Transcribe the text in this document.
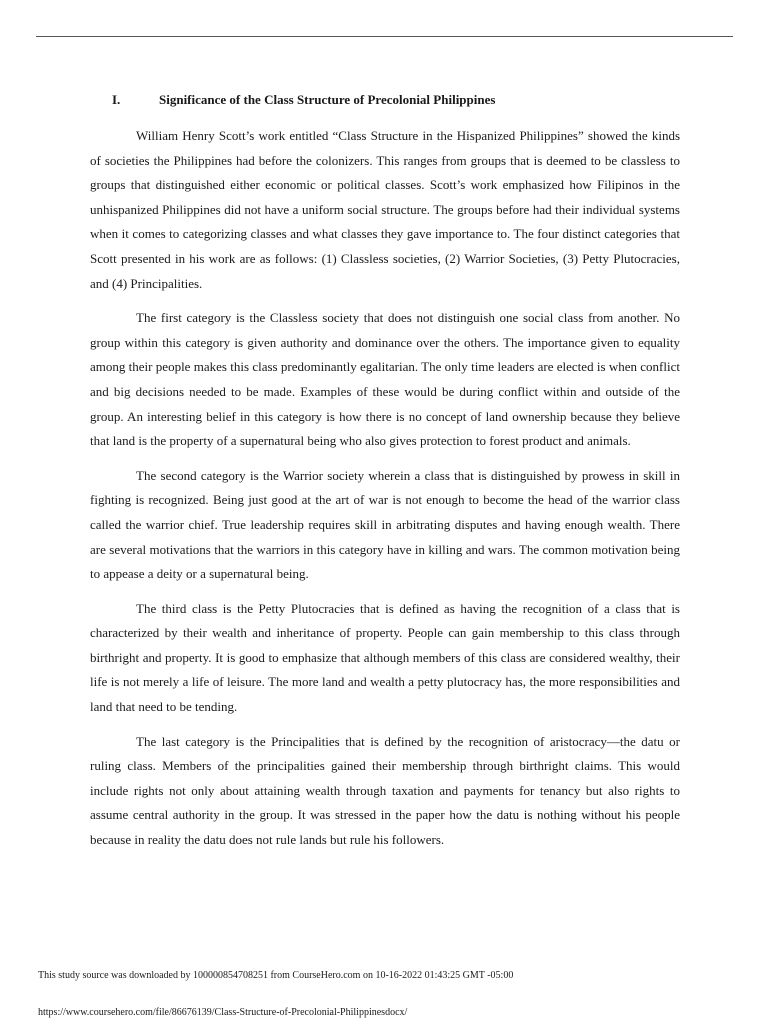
I.	Significance of the Class Structure of Precolonial Philippines

William Henry Scott’s work entitled “Class Structure in the Hispanized Philippines” showed the kinds of societies the Philippines had before the colonizers. This ranges from groups that is deemed to be classless to groups that distinguished either economic or political classes. Scott’s work emphasized how Filipinos in the unhispanized Philippines did not have a uniform social structure. The groups before had their individual systems when it comes to categorizing classes and what classes they gave importance to. The four distinct categories that Scott presented in his work are as follows: (1) Classless societies, (2) Warrior Societies, (3) Petty Plutocracies, and (4) Principalities.

The first category is the Classless society that does not distinguish one social class from another. No group within this category is given authority and dominance over the others. The importance given to equality among their people makes this class predominantly egalitarian. The only time leaders are elected is when conflict and big decisions needed to be made. Examples of these would be during conflict within and outside of the group. An interesting belief in this category is how there is no concept of land ownership because they believe that land is the property of a supernatural being who also gives protection to forest product and animals.

The second category is the Warrior society wherein a class that is distinguished by prowess in skill in fighting is recognized. Being just good at the art of war is not enough to become the head of the warrior class called the warrior chief. True leadership requires skill in arbitrating disputes and having enough wealth. There are several motivations that the warriors in this category have in killing and wars. The common motivation being to appease a deity or a supernatural being.

The third class is the Petty Plutocracies that is defined as having the recognition of a class that is characterized by their wealth and inheritance of property. People can gain membership to this class through birthright and property. It is good to emphasize that although members of this class are considered wealthy, their life is not merely a life of leisure. The more land and wealth a petty plutocracy has, the more responsibilities and land that need to be tending.

The last category is the Principalities that is defined by the recognition of aristocracy—the datu or ruling class. Members of the principalities gained their membership through birthright claims. This would include rights not only about attaining wealth through taxation and payments for tenancy but also rights to assume central authority in the group. It was stressed in the paper how the datu is nothing without his people because in reality the datu does not rule lands but rule his followers.

This study source was downloaded by 100000854708251 from CourseHero.com on 10-16-2022 01:43:25 GMT -05:00
https://www.coursehero.com/file/86676139/Class-Structure-of-Precolonial-Philippinesdocx/
